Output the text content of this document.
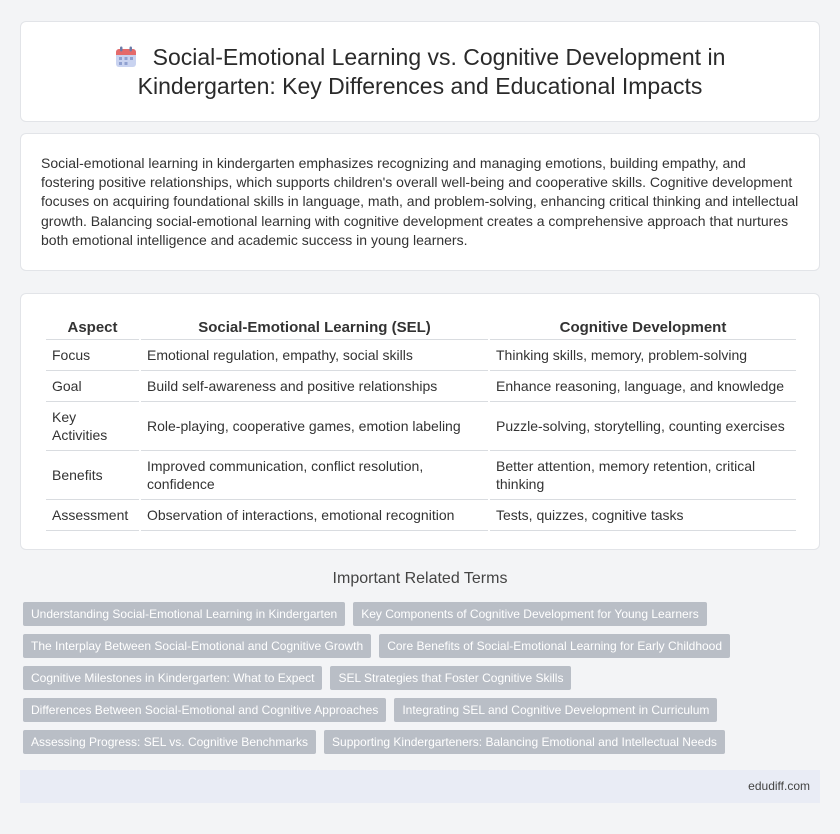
Social-Emotional Learning vs. Cognitive Development in Kindergarten: Key Differences and Educational Impacts

Social-emotional learning in kindergarten emphasizes recognizing and managing emotions, building empathy, and fostering positive relationships, which supports children's overall well-being and cooperative skills. Cognitive development focuses on acquiring foundational skills in language, math, and problem-solving, enhancing critical thinking and intellectual growth. Balancing social-emotional learning with cognitive development creates a comprehensive approach that nurtures both emotional intelligence and academic success in young learners.

Aspect	Social-Emotional Learning (SEL)	Cognitive Development
Focus	Emotional regulation, empathy, social skills	Thinking skills, memory, problem-solving
Goal	Build self-awareness and positive relationships	Enhance reasoning, language, and knowledge
Key Activities	Role-playing, cooperative games, emotion labeling	Puzzle-solving, storytelling, counting exercises
Benefits	Improved communication, conflict resolution, confidence	Better attention, memory retention, critical thinking
Assessment	Observation of interactions, emotional recognition	Tests, quizzes, cognitive tasks
Important Related Terms
Understanding Social-Emotional Learning in Kindergarten	Key Components of Cognitive Development for Young Learners
The Interplay Between Social-Emotional and Cognitive Growth	Core Benefits of Social-Emotional Learning for Early Childhood
Cognitive Milestones in Kindergarten: What to Expect	SEL Strategies that Foster Cognitive Skills
Differences Between Social-Emotional and Cognitive Approaches	Integrating SEL and Cognitive Development in Curriculum
Assessing Progress: SEL vs. Cognitive Benchmarks	Supporting Kindergarteners: Balancing Emotional and Intellectual Needs
edudiff.com
